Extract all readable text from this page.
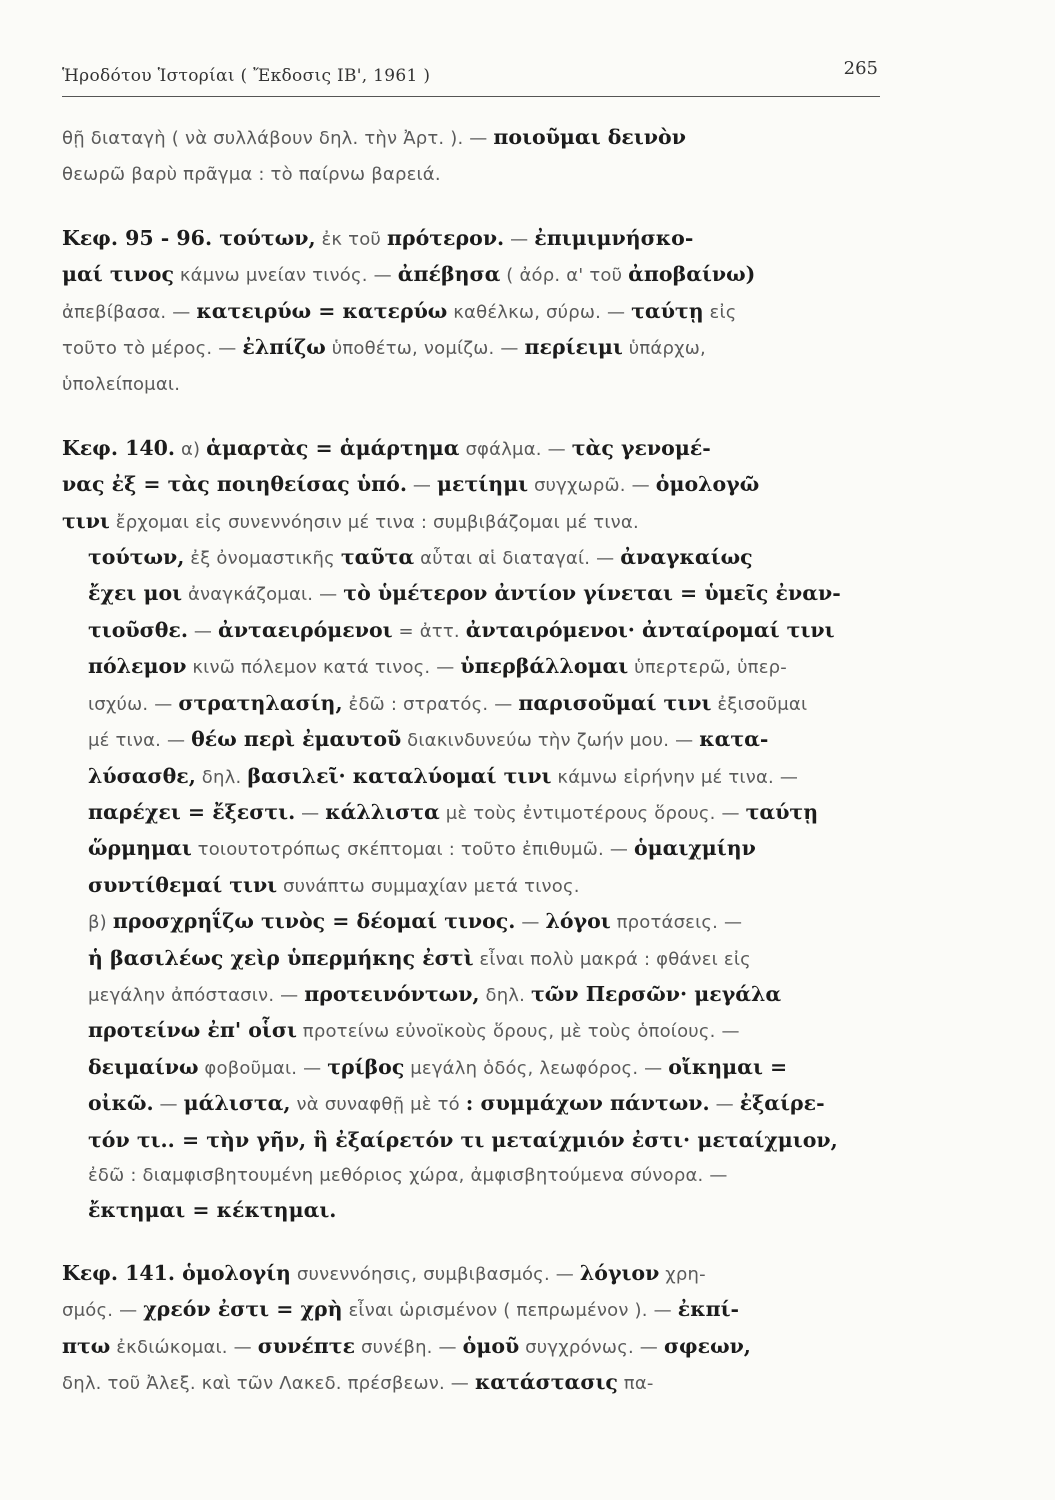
Ἡροδότου Ἱστορίαι ( Ἔκδοσις ΙΒ', 1961 )	265

θῇ διαταγὴ ( νὰ συλλάβουν δηλ. τὴν Ἀρτ. ). — ποιοῦμαι δεινὸν
θεωρῶ βαρὺ πρᾶγμα : τὸ παίρνω βαρειά.

Κεφ. 95 - 96. τούτων, ἐκ τοῦ πρότερον. — ἐπιμιμνήσκο-
μαί τινος κάμνω μνείαν τινός. — ἀπέβησα ( ἀόρ. α' τοῦ ἀποβαίνω)
ἀπεβίβασα. — κατειρύω = κατερύω καθέλκω, σύρω. — ταύτῃ εἰς
τοῦτο τὸ μέρος. — ἐλπίζω ὑποθέτω, νομίζω. — περίειμι ὑπάρχω,
ὑπολείπομαι.

Κεφ. 140. α) ἁμαρτὰς = ἁμάρτημα σφάλμα. — τὰς γενομέ-
νας ἐξ = τὰς ποιηθείσας ὑπό. — μετίημι συγχωρῶ. — ὁμολογῶ
τινι ἔρχομαι εἰς συνεννόησιν μέ τινα : συμβιβάζομαι μέ τινα.

τούτων, ἐξ ὀνομαστικῆς ταῦτα αὗται αἱ διαταγαί. — ἀναγκαίως
ἔχει μοι ἀναγκάζομαι. — τὸ ὑμέτερον ἀντίον γίνεται = ὑμεῖς ἐναν-
τιοῦσθε. — ἀνταειρόμενοι = ἀττ. ἀνταιρόμενοι· ἀνταίρομαί τινι
πόλεμον κινῶ πόλεμον κατά τινος. — ὑπερβάλλομαι ὑπερτερῶ, ὑπερ-
ισχύω. — στρατηλασίη, ἐδῶ : στρατός. — παρισοῦμαί τινι ἐξισοῦμαι
μέ τινα. — θέω περὶ ἐμαυτοῦ διακινδυνεύω τὴν ζωήν μου. — κατα-
λύσασθε, δηλ. βασιλεῖ· καταλύομαί τινι κάμνω εἰρήνην μέ τινα. —
παρέχει = ἔξεστι. — κάλλιστα μὲ τοὺς ἐντιμοτέρους ὅρους. — ταύτῃ
ὥρμημαι τοιουτοτρόπως σκέπτομαι : τοῦτο ἐπιθυμῶ. — ὁμαιχμίην
συντίθεμαί τινι συνάπτω συμμαχίαν μετά τινος.

β) προσχρηΐζω τινὸς = δέομαί τινος. — λόγοι προτάσεις. —
ἡ βασιλέως χεὶρ ὑπερμήκης ἐστὶ εἶναι πολὺ μακρά : φθάνει εἰς
μεγάλην ἀπόστασιν. — προτεινόντων, δηλ. τῶν Περσῶν· μεγάλα
προτείνω ἐπ' οἷσι προτείνω εὐνοϊκοὺς ὅρους, μὲ τοὺς ὁποίους. —
δειμαίνω φοβοῦμαι. — τρίβος μεγάλη ὁδός, λεωφόρος. — οἴκημαι =
οἰκῶ. — μάλιστα, νὰ συναφθῇ μὲ τό : συμμάχων πάντων. — ἐξαίρε-
τόν τι.. = τὴν γῆν, ἣ ἐξαίρετόν τι μεταίχμιόν ἐστι· μεταίχμιον,
ἐδῶ : διαμφισβητουμένη μεθόριος χώρα, ἀμφισβητούμενα σύνορα. —
ἔκτημαι = κέκτημαι.

Κεφ. 141. ὁμολογίη συνεννόησις, συμβιβασμός. — λόγιον χρη-
σμός. — χρεόν ἐστι = χρὴ εἶναι ὡρισμένον ( πεπρωμένον ). — ἐκπί-
πτω ἐκδιώκομαι. — συνέπτε συνέβη. — ὁμοῦ συγχρόνως. — σφεων,
δηλ. τοῦ Ἀλεξ. καὶ τῶν Λακεδ. πρέσβεων. — κατάστασις πα-
